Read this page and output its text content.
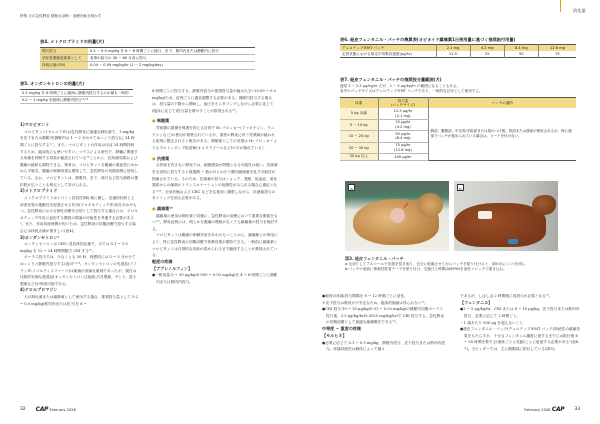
特集 犬の急性膵炎 積極な診断・治療を解き明かす
表4. メトクロプラミドの用量(犬)
間欠投与	0.2 ~ 0.5 mg/kg を 6 ~ 8 時間ごとに経口、皮下、筋肉内または静脈内に投与
消化管運動促進薬として	食事の給与の 30 ~ 60 分前に投与
持続点滴(CRI)	0.04 ~ 0.09 mg/kg/hr (1 ~ 2 mg/kg/day)
表5. オンダンセトロンの用量(犬)
0.5 mg/kg を 8 時間ごとに緩徐に静脈内投与するのが最も一般的
0.2 ~ 1 mg/kg を緩徐に静脈内投与¹¹˒²³
1)マロピタント

マロピタント(セレニア®)は急性膵炎に最適な制吐薬で、1 mg/kg を皮下または静脈内(静脈内は 1 ~ 2 分かけてゆっくり投与)に 24 時間ごとに投与する¹˒⁷。また、マロピタントの作用はほぼ 24 時間持続するため、臨床的にも使いやすい。マウスによる研究で、膵臓に関連する疼痛を抑制する効果が確認されている²⁶ことから、抗疼痛効果および腹痛の緩和も期待できる。筆者は、マロピタントを腹痛の重症度にかかわらず嘔気、腹痛の制御効果も期待して、急性膵炎の初期治療に使用している。なお、マロピタントは、静脈内、皮下、経口など投与経路の選択肢が広いことも利点として挙げられる。

2)メトクロプラミド

メトクロプラミドはドパミン拮抗性制吐薬に属し、迅速的吐制と上部消化管の運動性を促進させる作用(プロキネティック作用)をあわせもつ。急性膵炎における制吐治療を目的として投与する場合には、プロキネティック作用に起因する腸管の閉塞の可能性を考慮する必要がある⁵。また、作用持続時間が短いため、急性膵炎の初期治療で投与する場合には持続点滴が望ましい(表4)。

3)オンダンセトロン⁴

オンダンセトロンは 5HT₃ 受容体拮抗薬で、犬では 0.1 ~ 1.0 mg/kg を 12 ~ 24 時間間隔で CRI する²⁰。

ボーラス投与では、少なくとも 30 秒、理想的には 2 ~ 5 分かけてゆっくりと静脈内投与する(表5)¹¹˒²³。オンダンセトロンの先発品(ゾフラン®:ノバルティスファーマ)は薬価が高価な薬剤であったが、現在は比較的安価な後発品(オンダンセトロン注射液:沢井製薬、サンド、富士製薬など)が利用可能である。

4)クロルプロマジン

犬の制吐薬または鎮静薬として使用する場合、推奨投与量として 0.2 ~ 0.5 mg/kg(筋肉内または皮下)を 6 ~

8 時間ごとに投与する。静脈内投与の推奨投与量の幅は大きい(0.05 ~ 0.5 mg/kg)ため、症例ごとに適宜調整する必要がある。静脈内投与する場合は、投与量の下限から開始し、血圧をモニタリングしながら必要に応じて(臨床に応じて)投与量を増やすことが推奨される²⁰。

● 制酸薬

胃粘膜の損傷を保護を抑える目的で H₂ ブロッカー(ファモチジン、ラニチジンなど)の使用が推奨されているが、重度の膵炎に伴う胃潰瘍が疑われる症例に限定されると報告がある。制酸薬としての効果は H₂ ブロッカーよりもプロトンポンプ阻害薬(オメプラゾールなど)の方が優れている¹。

● 抗菌薬

合併症を有さない膵炎では、細菌感染が問題となる可能性は低い。抗菌薬を全身的に投与すると数週間 ~ 数か月にわたり腸内細菌叢を乱す可能性が指摘されている。そのため、抗菌薬の投与はショック、発熱、低血症、消化器系からの細菌のトランスロケーションの危険性がみられる場合に適応となる¹˒²⁹。全身状態および CRC などを注意深く観察しながら、抗菌薬投与のタイミングを図る必要がある。

● 鎮痛薬²⁰

鎮痛薬の使用は制吐薬と同様に、急性膵炎の治療において重要な側面をもつ¹˒⁹。膵炎症例には、明らかな腹痛の徴候がなくても鎮痛薬の投与を検討する。

マロピタントは腹痛の制御作用をあわせもつことから、鎮痛薬との併用により、特に急性膵炎の初期治療で相乗効果が期待できる。一般的に鎮痛薬とマロピタントは自発的な食欲が認められるまで継続することが推奨されている。

軽度の疼痛
【ブプレノルフィン】

●一般用量:5 ~ 30 μg/kg(0.005 ~ 0.03 mg/kg)を 4 ~ 6 時間ごとに静脈内または筋肉内投与。

32 CAP February 2026
消化器
表6. 経皮フェンタニル・パッチの換算表(オピオイド鎮痛薬1日使用量に基づく推奨貼付用量)
デュロテップ®MT パッチ	2.1 mg	4.2 mg	8.4 mg	12.6 mg
定常状態における推定平均吸収速度(μg/hr)	12.5	25	50	75
表7. 経皮フェンタニル・パッチの推奨投与量範囲(犬)
通常 2 ~ 2.5 μg/kg/hr だが、1 ~ 5 μg/kg/hr の範囲になることもある。
表中のパッチサイズはデュロテップ®MT パッチであり、一般的な目安として使用する。
体重	投与量
(パッチサイズ)	パッチの適所
5 kg 未満	12.5 μg/hr
(2.1 mg)	胸部、腹側部、中足骨/手根部または尾のつけ根。背部または頸部が使用されるが、特に頸部でパッチが留められている場合は、リードを付けない。
5 ~ 10 kg	25 μg/hr
(4.2 mg)	
10 ~ 20 kg	50 μg/hr
(8.4 mg)	
20 ~ 30 kg	75 μg/hr
(12.6 mg)	
30 kg 以上	100 μg/hr	
a	b
図3. 経皮フェンタニル・パッチ
a:毛刈りしてアルコールで皮膚を拭き取り、完全に乾燥させてからパッチを貼り付けると、剥がれにくい(矢印)。
b:パッチの表面に伸縮性粘着テープを貼り付け、交換日と時間(AM/PM)を油性マジックで書き込む。

●軽度の疼痛:投与間隔を 8 ~ 12 時間ごとに延長。

※皮下投与は吸収が不安定なため、臨床的価値は得られない²⁰。

●CRI 投与:10 ~ 20 μg/kg(0.01 ~ 0.02 mg/kg)の静脈内初期ボーラス投与後、2.5 μg/kg/hr(0.0025 mg/kg/hr)で CRI 投与する。急性膵炎の初期治療として最適な鎮痛療法である²⁰。

中等度 ~ 重度の疼痛
【モルヒネ】

●必要に応じて 0.1 ~ 0.5 mg/kg、静脈内投与、皮下投与または筋肉内投与。疼痛持続性は個体によって様々

であるが、しばしば 2 時間後に再投与が必要となる²⁰。

【フェンタニル】

●2 ~ 5 μg/kg/hr、CRI または 4 ~ 10 μg/kg、皮下投与または筋肉内投与、必要に応じて 2 時間ごと。

・1 頭あたり 500 μg を超えないこと

●経皮フェンタニル・パッチ(デュロテップ®MT パッチ)持続性の鎮痛効果をもたらすが、十分なフェンタニル濃度に達するまでには貼付後 6 ~ 24 時間を要する(個体ごとに変動)ことに留意する必要がある¹(表6、7)。当センターでは、主に胸側部に貼付している(図3)。

February 2026 CAP 33
